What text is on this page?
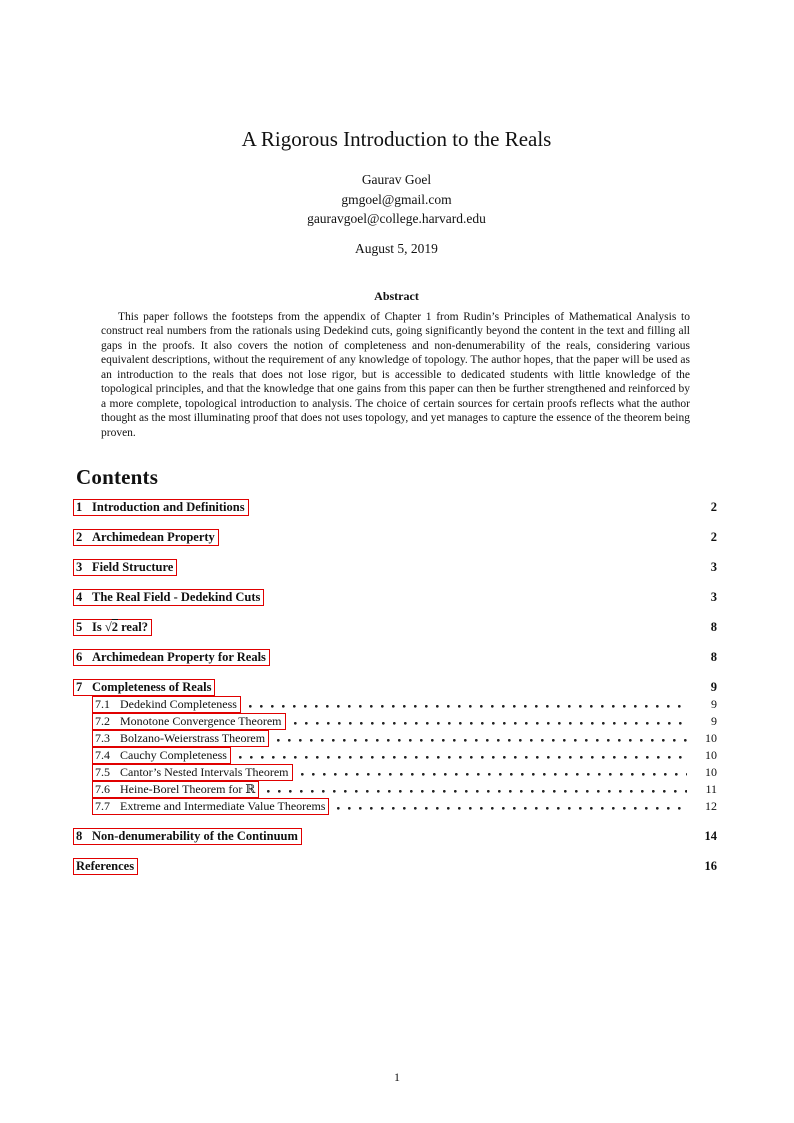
A Rigorous Introduction to the Reals
Gaurav Goel
gmgoel@gmail.com
gauravgoel@college.harvard.edu
August 5, 2019
Abstract
This paper follows the footsteps from the appendix of Chapter 1 from Rudin’s Principles of Mathematical Analysis to construct real numbers from the rationals using Dedekind cuts, going significantly beyond the content in the text and filling all gaps in the proofs. It also covers the notion of completeness and non-denumerability of the reals, considering various equivalent descriptions, without the requirement of any knowledge of topology. The author hopes, that the paper will be used as an introduction to the reals that does not lose rigor, but is accessible to dedicated students with little knowledge of the topological principles, and that the knowledge that one gains from this paper can then be further strengthened and reinforced by a more complete, topological introduction to analysis. The choice of certain sources for certain proofs reflects what the author thought as the most illuminating proof that does not uses topology, and yet manages to capture the essence of the theorem being proven.
Contents
1 Introduction and Definitions	2
2 Archimedean Property	2
3 Field Structure	3
4 The Real Field - Dedekind Cuts	3
5 Is √2 real?	8
6 Archimedean Property for Reals	8
7 Completeness of Reals	9
7.1 Dedekind Completeness	9
7.2 Monotone Convergence Theorem	9
7.3 Bolzano-Weierstrass Theorem	10
7.4 Cauchy Completeness	10
7.5 Cantor’s Nested Intervals Theorem	10
7.6 Heine-Borel Theorem for ℝ	11
7.7 Extreme and Intermediate Value Theorems	12
8 Non-denumerability of the Continuum	14
References	16
1
